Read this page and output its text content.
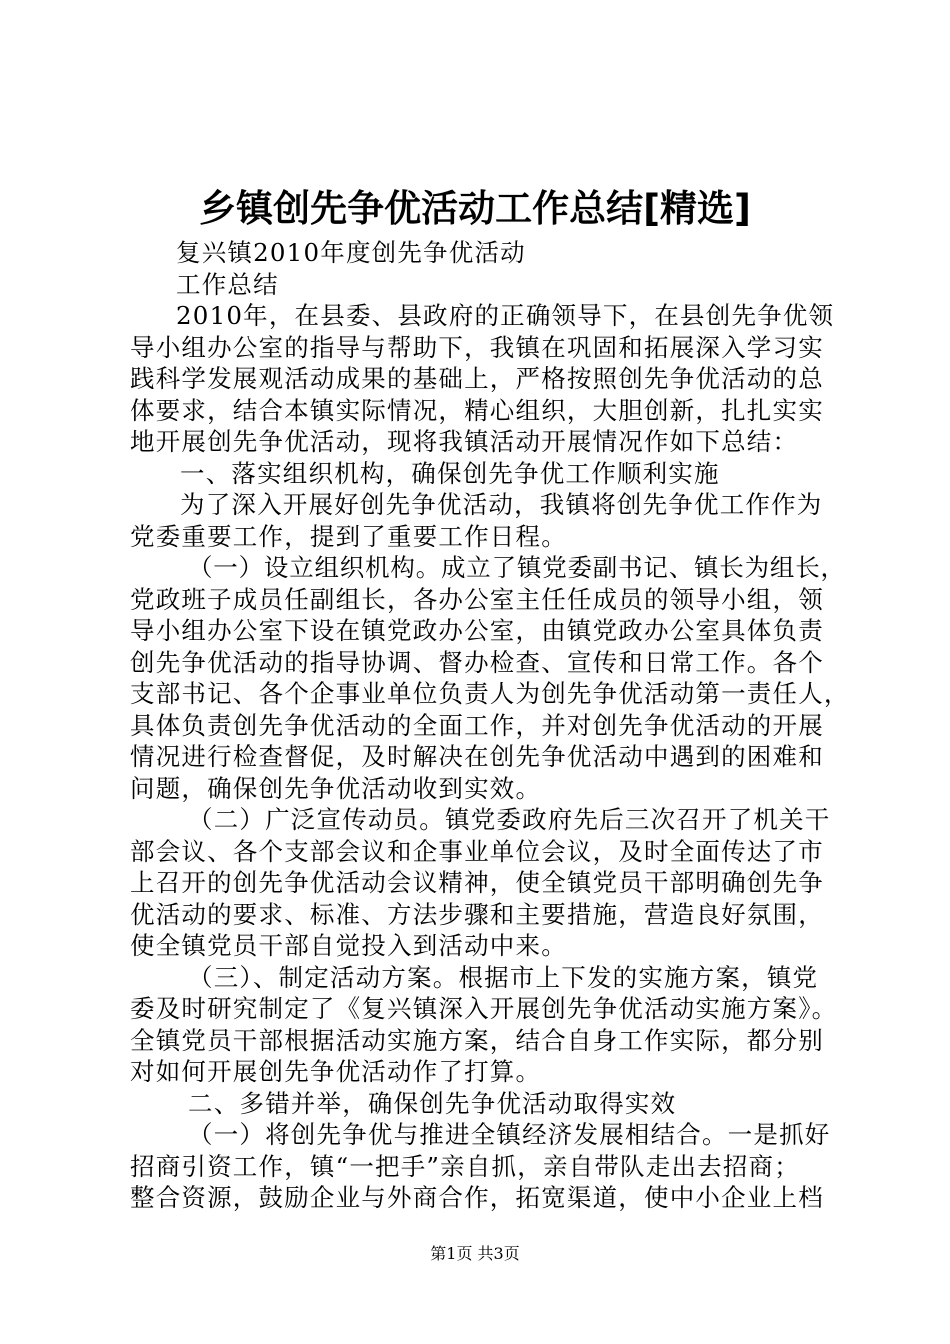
乡镇创先争优活动工作总结[精选]
复兴镇2010年度创先争优活动
工作总结
2010年，在县委、县政府的正确领导下，在县创先争优领
导小组办公室的指导与帮助下，我镇在巩固和拓展深入学习实
践科学发展观活动成果的基础上，严格按照创先争优活动的总
体要求，结合本镇实际情况，精心组织，大胆创新，扎扎实实
地开展创先争优活动，现将我镇活动开展情况作如下总结：
一、落实组织机构，确保创先争优工作顺利实施
为了深入开展好创先争优活动，我镇将创先争优工作作为
党委重要工作，提到了重要工作日程。
（一）设立组织机构。成立了镇党委副书记、镇长为组长，
党政班子成员任副组长，各办公室主任任成员的领导小组，领
导小组办公室下设在镇党政办公室，由镇党政办公室具体负责
创先争优活动的指导协调、督办检查、宣传和日常工作。各个
支部书记、各个企事业单位负责人为创先争优活动第一责任人，
具体负责创先争优活动的全面工作，并对创先争优活动的开展
情况进行检查督促，及时解决在创先争优活动中遇到的困难和
问题，确保创先争优活动收到实效。
（二）广泛宣传动员。镇党委政府先后三次召开了机关干
部会议、各个支部会议和企事业单位会议，及时全面传达了市
上召开的创先争优活动会议精神，使全镇党员干部明确创先争
优活动的要求、标准、方法步骤和主要措施，营造良好氛围，
使全镇党员干部自觉投入到活动中来。
（三）、制定活动方案。根据市上下发的实施方案，镇党
委及时研究制定了《复兴镇深入开展创先争优活动实施方案》。
全镇党员干部根据活动实施方案，结合自身工作实际，都分别
对如何开展创先争优活动作了打算。
二、多错并举，确保创先争优活动取得实效
（一）将创先争优与推进全镇经济发展相结合。一是抓好
招商引资工作，镇“一把手”亲自抓，亲自带队走出去招商；
整合资源，鼓励企业与外商合作，拓宽渠道，使中小企业上档
第1页 共3页
